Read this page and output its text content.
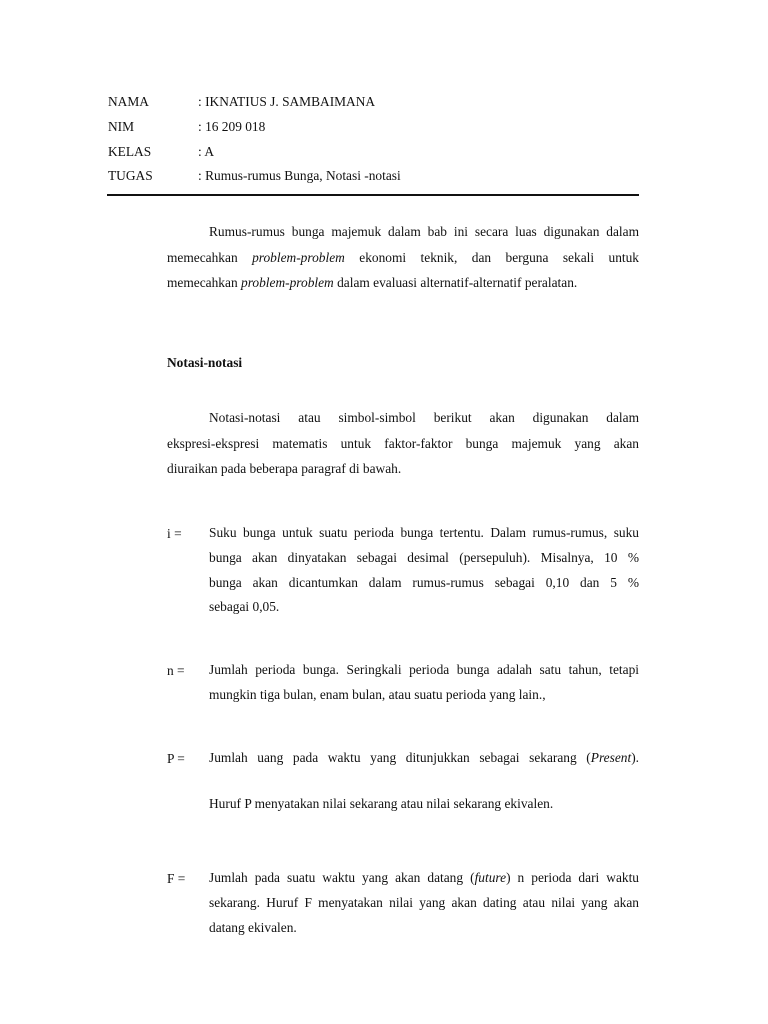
NAMA	: IKNATIUS J. SAMBAIMANA
NIM	: 16 209 018
KELAS	: A
TUGAS	: Rumus-rumus Bunga, Notasi -notasi
Rumus-rumus bunga majemuk dalam bab ini secara luas digunakan dalam
memecahkan problem-problem ekonomi teknik, dan berguna sekali untuk
memecahkan problem-problem dalam evaluasi alternatif-alternatif peralatan.
Notasi-notasi
Notasi-notasi atau simbol-simbol berikut akan digunakan dalam
ekspresi-ekspresi matematis untuk faktor-faktor bunga majemuk yang akan
diuraikan pada beberapa paragraf di bawah.
i = Suku bunga untuk suatu perioda bunga tertentu. Dalam rumus-rumus, suku
bunga akan dinyatakan sebagai desimal (persepuluh). Misalnya, 10 %
bunga akan dicantumkan dalam rumus-rumus sebagai 0,10 dan 5 %
sebagai 0,05.
n = Jumlah perioda bunga. Seringkali perioda bunga adalah satu tahun, tetapi
mungkin tiga bulan, enam bulan, atau suatu perioda yang lain.,
P = Jumlah uang pada waktu yang ditunjukkan sebagai sekarang (Present).
Huruf P menyatakan nilai sekarang atau nilai sekarang ekivalen.
F = Jumlah pada suatu waktu yang akan datang (future) n perioda dari waktu
sekarang. Huruf F menyatakan nilai yang akan dating atau nilai yang akan
datang ekivalen.
